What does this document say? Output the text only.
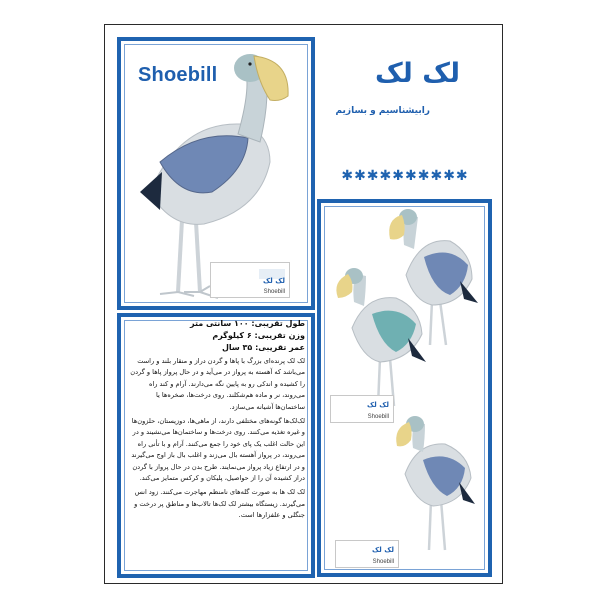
Shoebill
لک لک
Shoebill
لک لک
رابیشناسیم و بسازیم
✱✱✱✱✱✱✱✱✱✱
طول تقریبی: ۱۰۰ سانتی متر
وزن تقریبی: ۶ کیلوگرم
عمر تقریبی: ۳۵ سال

لک لک پرنده‌ای بزرگ با پاها و گردن دراز و منقار بلند و راست می‌باشد که آهسته به پرواز در می‌آید و در حال پرواز پاها و گردن را کشیده و اندکی رو به پایین نگه می‌دارند. آرام و کند راه می‌روند، نر و ماده هم‌شکلند. روی درخت‌ها، صخره‌ها یا ساختمان‌ها آشیانه می‌سازد.

لک‌لک‌ها گونه‌های مختلفی دارند، از ماهی‌ها، دوزیستان، حلزون‌ها و غیره تغذیه می‌کنند. روی درخت‌ها و ساختمان‌ها می‌نشیند و در این حالت اغلب یک پای خود را جمع می‌کنند. آرام و با تأنی راه می‌روند، در پرواز آهسته بال می‌زند و اغلب بال‌ باز اوج می‌گیرند و در ارتفاع زیاد پرواز می‌نمایند. طرح بدن در حال پرواز با گردن دراز کشیده آن را از حواصیل، پلیکان و کرکس متمایز می‌کند.

لک لک ها به صورت گله‌های نامنظم مهاجرت می‌کنند. زود انس می‌گیرند. زیستگاه بیشتر لک لک‌ها تالاب‌ها و مناطق پر درخت و جنگلی و علفزارها است.

لک لک
Shoebill
لک لک
Shoebill
